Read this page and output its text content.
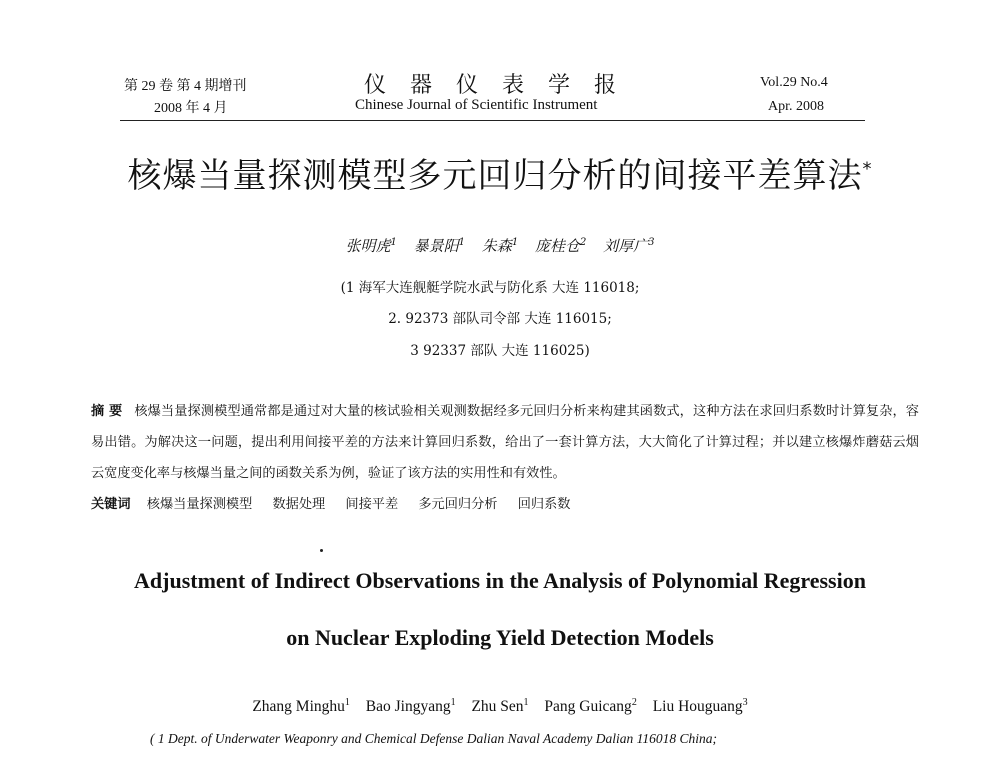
第 29 卷 第 4 期增刊
2008 年 4 月
仪器仪表学报
Chinese Journal of Scientific Instrument
Vol.29 No.4
Apr. 2008
核爆当量探测模型多元回归分析的间接平差算法*
张明虎$^1$ 暴景阳$^1$ 朱森$^1$ 庞桂仓$^2$ 刘厚广$^3$
(1 海军大连舰艇学院水武与防化系 大连 116018;
2. 92373 部队司令部 大连 116015;
3 92337 部队 大连 116025)
摘 要 核爆当量探测模型通常都是通过对大量的核试验相关观测数据经多元回归分析来构建其函数式，这种方法在求回归系数时计算复杂，容易出错。为解决这一问题，提出利用间接平差的方法来计算回归系数，给出了一套计算方法，大大简化了计算过程；并以建立核爆炸蘑菇云烟云宽度变化率与核爆当量之间的函数关系为例，验证了该方法的实用性和有效性。
关键词 核爆当量探测模型 数据处理 间接平差 多元回归分析 回归系数
Adjustment of Indirect Observations in the Analysis of Polynomial Regression
on Nuclear Exploding Yield Detection Models
Zhang Minghu$^1$ Bao Jingyang$^1$ Zhu Sen$^1$ Pang Guicang$^2$ Liu Houguang$^3$
( 1 Dept. of Underwater Weaponry and Chemical Defense Dalian Naval Academy Dalian 116018 China;
